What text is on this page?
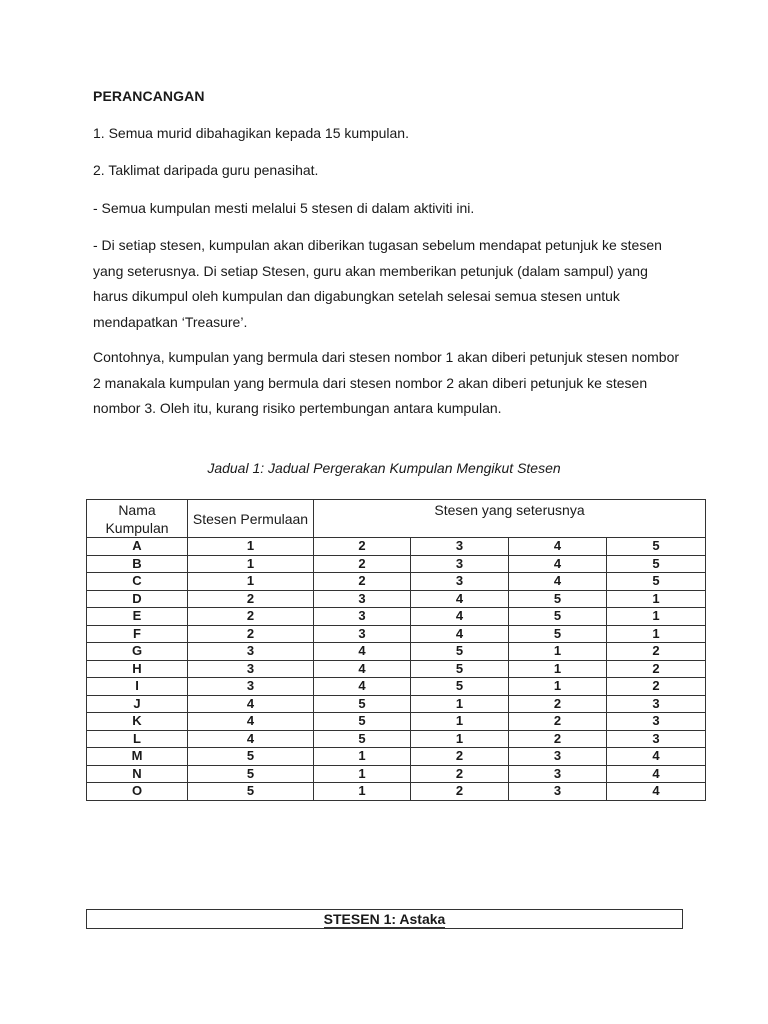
PERANCANGAN
1. Semua murid dibahagikan kepada 15 kumpulan.
2. Taklimat daripada guru penasihat.
- Semua kumpulan mesti melalui 5 stesen di dalam aktiviti ini.
- Di setiap stesen, kumpulan akan diberikan tugasan sebelum mendapat petunjuk ke stesen yang seterusnya. Di setiap Stesen, guru akan memberikan petunjuk (dalam sampul) yang harus dikumpul oleh kumpulan dan digabungkan setelah selesai semua stesen untuk mendapatkan ‘Treasure’.
Contohnya, kumpulan yang bermula dari stesen nombor 1 akan diberi petunjuk stesen nombor 2 manakala kumpulan yang bermula dari stesen nombor 2 akan diberi petunjuk ke stesen nombor 3. Oleh itu, kurang risiko pertembungan antara kumpulan.
Jadual 1: Jadual Pergerakan Kumpulan Mengikut Stesen
Nama Kumpulan	Stesen Permulaan	Stesen yang seterusnya			
A	1	2	3	4	5
B	1	2	3	4	5
C	1	2	3	4	5
D	2	3	4	5	1
E	2	3	4	5	1
F	2	3	4	5	1
G	3	4	5	1	2
H	3	4	5	1	2
I	3	4	5	1	2
J	4	5	1	2	3
K	4	5	1	2	3
L	4	5	1	2	3
M	5	1	2	3	4
N	5	1	2	3	4
O	5	1	2	3	4
STESEN 1: Astaka
